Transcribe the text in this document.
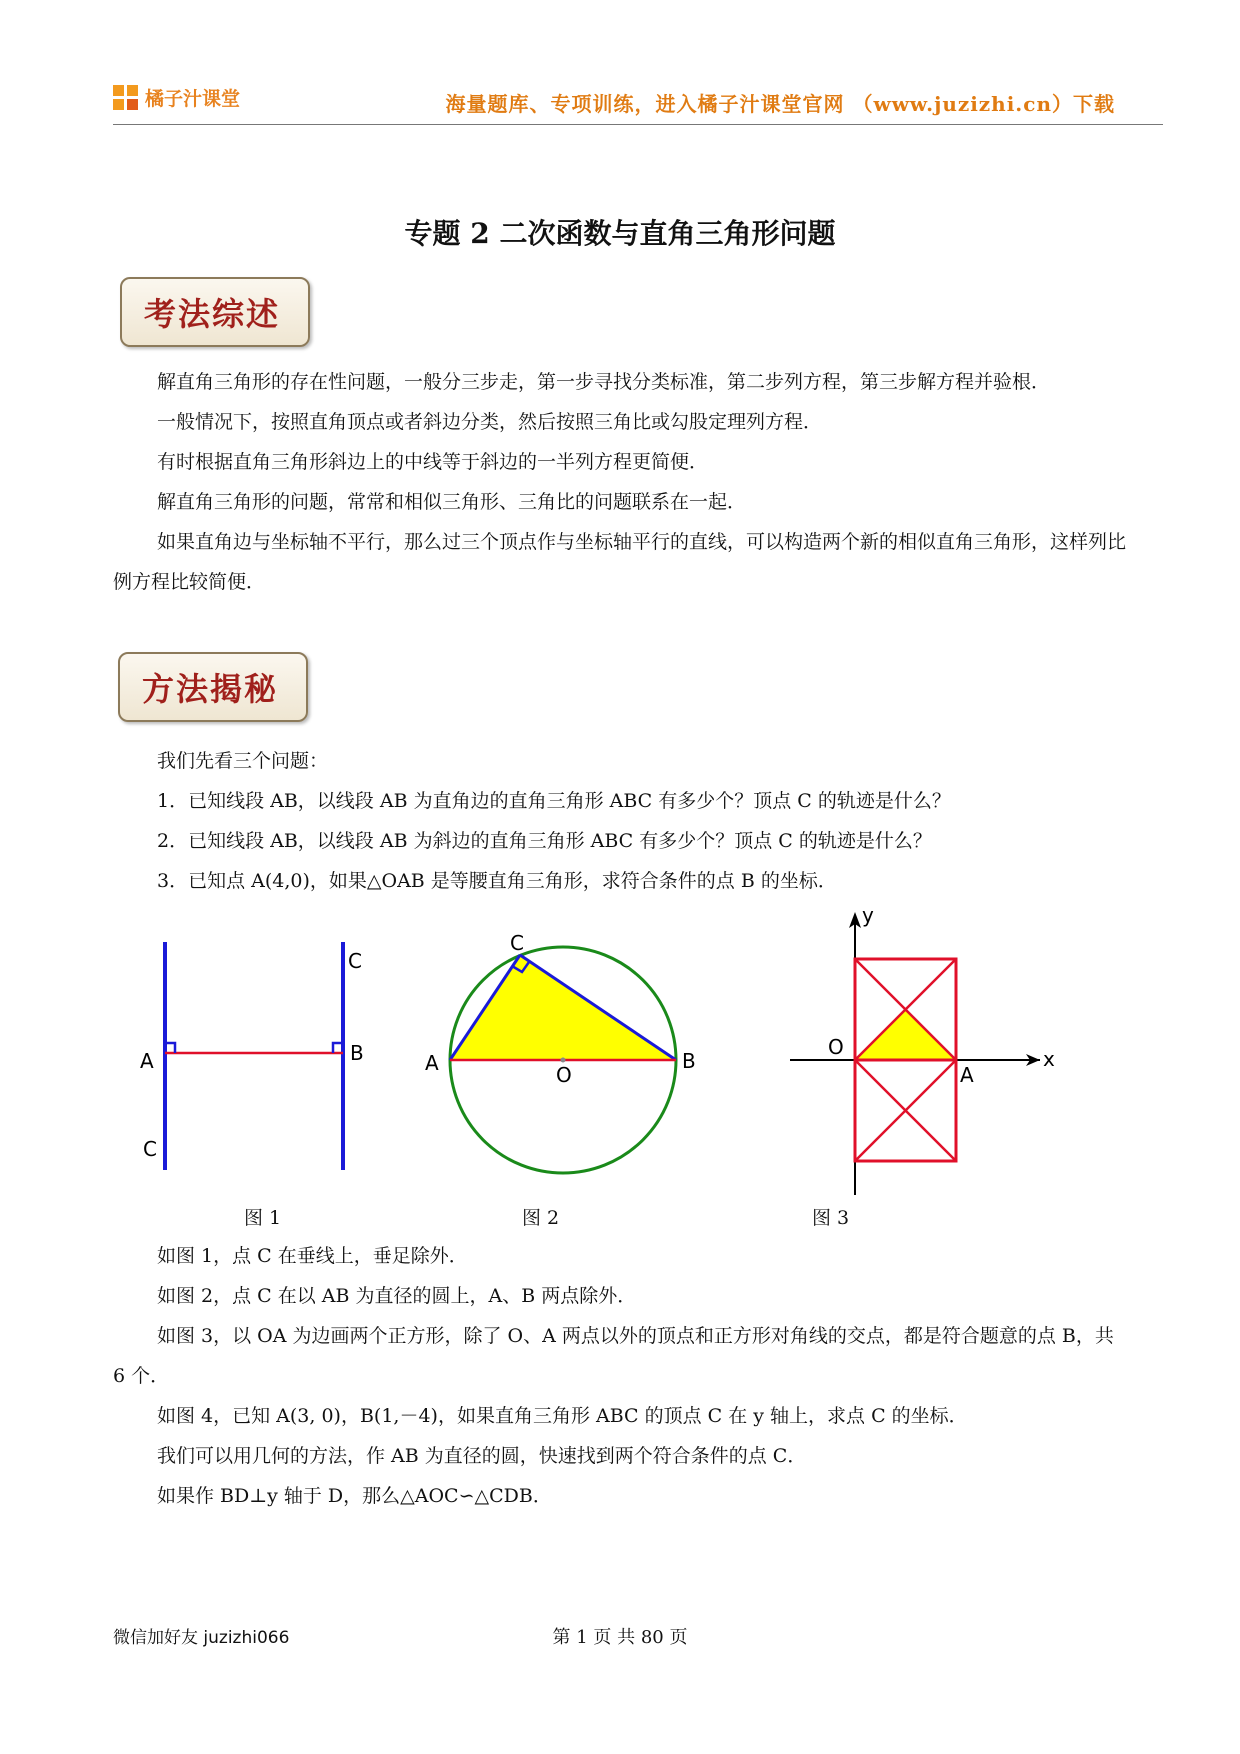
橘子汁课堂	海量题库、专项训练，进入橘子汁课堂官网 （www.juzizhi.cn）下载
专题 2 二次函数与直角三角形问题
考法综述

解直角三角形的存在性问题，一般分三步走，第一步寻找分类标准，第二步列方程，第三步解方程并验根．

一般情况下，按照直角顶点或者斜边分类，然后按照三角比或勾股定理列方程．

有时根据直角三角形斜边上的中线等于斜边的一半列方程更简便．

解直角三角形的问题，常常和相似三角形、三角比的问题联系在一起．

如果直角边与坐标轴不平行，那么过三个顶点作与坐标轴平行的直线，可以构造两个新的相似直角三角形，这样列比例方程比较简便．

方法揭秘
我们先看三个问题：
1．已知线段 AB，以线段 AB 为直角边的直角三角形 ABC 有多少个？顶点 C 的轨迹是什么？
2．已知线段 AB，以线段 AB 为斜边的直角三角形 ABC 有多少个？顶点 C 的轨迹是什么？
3．已知点 A(4,0)，如果△OAB 是等腰直角三角形，求符合条件的点 B 的坐标．
A	B
C
C
C
A	B
O
O
A
x
y
图 1	图 2	图 3

如图 1，点 C 在垂线上，垂足除外．

如图 2，点 C 在以 AB 为直径的圆上，A、B 两点除外．

如图 3，以 OA 为边画两个正方形，除了 O、A 两点以外的顶点和正方形对角线的交点，都是符合题意的点 B，共 6 个．

如图 4，已知 A(3, 0)，B(1,－4)，如果直角三角形 ABC 的顶点 C 在 y 轴上，求点 C 的坐标．

我们可以用几何的方法，作 AB 为直径的圆，快速找到两个符合条件的点 C．

如果作 BD⊥y 轴于 D，那么△AOC∽△CDB．

微信加好友 juzizhi066	第 1 页 共 80 页
